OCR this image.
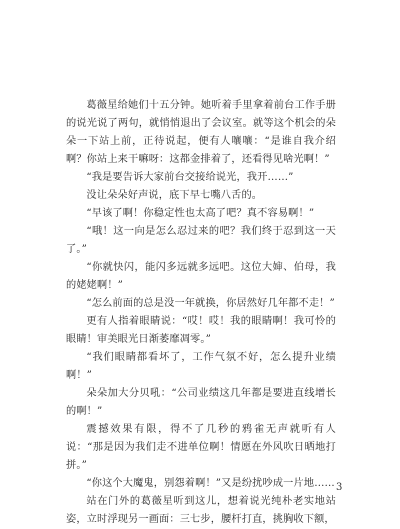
葛薇星给她们十五分钟。她听着手里拿着前台工作手册的说光说了两句，就悄悄退出了会议室。就等这个机会的朵朵一下站上前，正待说起，便有人嚷嚷：“是谁自我介绍啊？你站上来干嘛呀：这都金排着了，还看得见啥光啊！”

“我是要告诉大家前台交接给说光，我开……”

没让朵朵好声说，底下早七嘴八舌的。

“早该了啊！你稳定性也太高了吧？真不容易啊！”

“哦！这一向是怎么忍过来的吧？我们终于忍到这一天了。”

“你就快闪，能闪多远就多远吧。这位大婶、伯母，我的姥姥啊！”

“怎么前面的总是没一年就换，你居然好几年都不走！”

更有人指着眼睛说：“哎！哎！我的眼睛啊！我可怜的眼睛！审美眼光日渐萎靡凋零。”

“我们眼睛都看坏了，工作气氛不好，怎么提升业绩啊！”

朵朵加大分贝吼：“公司业绩这几年都是要进直线增长的啊！”

震撼效果有限，得不了几秒的鸦雀无声就听有人说：“那是因为我们走不进单位啊！情愿在外风吹日晒地打拼。”

“你这个大魔鬼，别怨着啊！”又是纷扰吵成一片地……

站在门外的葛薇星听到这儿，想着说光纯朴老实地站姿，立时浮现另一画面：三七步，腰杆打直，挑胸收下额，

3
